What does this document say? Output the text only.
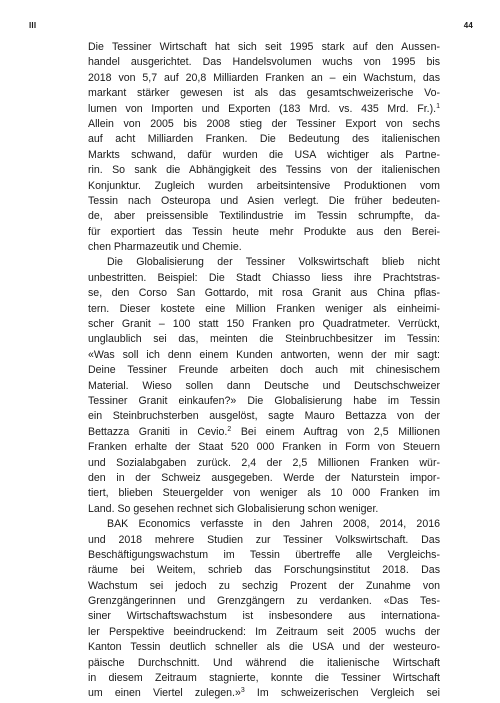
III	44
Die Tessiner Wirtschaft hat sich seit 1995 stark auf den Aussen-
handel ausgerichtet. Das Handelsvolumen wuchs von 1995 bis
2018 von 5,7 auf 20,8 Milliarden Franken an – ein Wachstum, das
markant stärker gewesen ist als das gesamtschweizerische Vo-
lumen von Importen und Exporten (183 Mrd. vs. 435 Mrd. Fr.).$^1$
Allein von 2005 bis 2008 stieg der Tessiner Export von sechs
auf acht Milliarden Franken. Die Bedeutung des italienischen
Markts schwand, dafür wurden die USA wichtiger als Partne-
rin. So sank die Abhängigkeit des Tessins von der italienischen
Konjunktur. Zugleich wurden arbeitsintensive Produktionen vom
Tessin nach Osteuropa und Asien verlegt. Die früher bedeuten-
de, aber preissensible Textilindustrie im Tessin schrumpfte, da-
für exportiert das Tessin heute mehr Produkte aus den Berei-
chen Pharmazeutik und Chemie.
Die Globalisierung der Tessiner Volkswirtschaft blieb nicht
unbestritten. Beispiel: Die Stadt Chiasso liess ihre Prachtstras-
se, den Corso San Gottardo, mit rosa Granit aus China pflas-
tern. Dieser kostete eine Million Franken weniger als einheimi-
scher Granit – 100 statt 150 Franken pro Quadratmeter. Verrückt,
unglaublich sei das, meinten die Steinbruchbesitzer im Tessin:
«Was soll ich denn einem Kunden antworten, wenn der mir sagt:
Deine Tessiner Freunde arbeiten doch auch mit chinesischem
Material. Wieso sollen dann Deutsche und Deutschschweizer
Tessiner Granit einkaufen?» Die Globalisierung habe im Tessin
ein Steinbruchsterben ausgelöst, sagte Mauro Bettazza von der
Bettazza Graniti in Cevio.$^2$ Bei einem Auftrag von 2,5 Millionen
Franken erhalte der Staat 520 000 Franken in Form von Steuern
und Sozialabgaben zurück. 2,4 der 2,5 Millionen Franken wür-
den in der Schweiz ausgegeben. Werde der Naturstein impor-
tiert, blieben Steuergelder von weniger als 10 000 Franken im
Land. So gesehen rechnet sich Globalisierung schon weniger.
BAK Economics verfasste in den Jahren 2008, 2014, 2016
und 2018 mehrere Studien zur Tessiner Volkswirtschaft. Das
Beschäftigungswachstum im Tessin übertreffe alle Vergleichs-
räume bei Weitem, schrieb das Forschungsinstitut 2018. Das
Wachstum sei jedoch zu sechzig Prozent der Zunahme von
Grenzgängerinnen und Grenzgängern zu verdanken. «Das Tes-
siner Wirtschaftswachstum ist insbesondere aus internationa-
ler Perspektive beeindruckend: Im Zeitraum seit 2005 wuchs der
Kanton Tessin deutlich schneller als die USA und der westeuro-
päische Durchschnitt. Und während die italienische Wirtschaft
in diesem Zeitraum stagnierte, konnte die Tessiner Wirtschaft
um einen Viertel zulegen.»$^3$ Im schweizerischen Vergleich sei
